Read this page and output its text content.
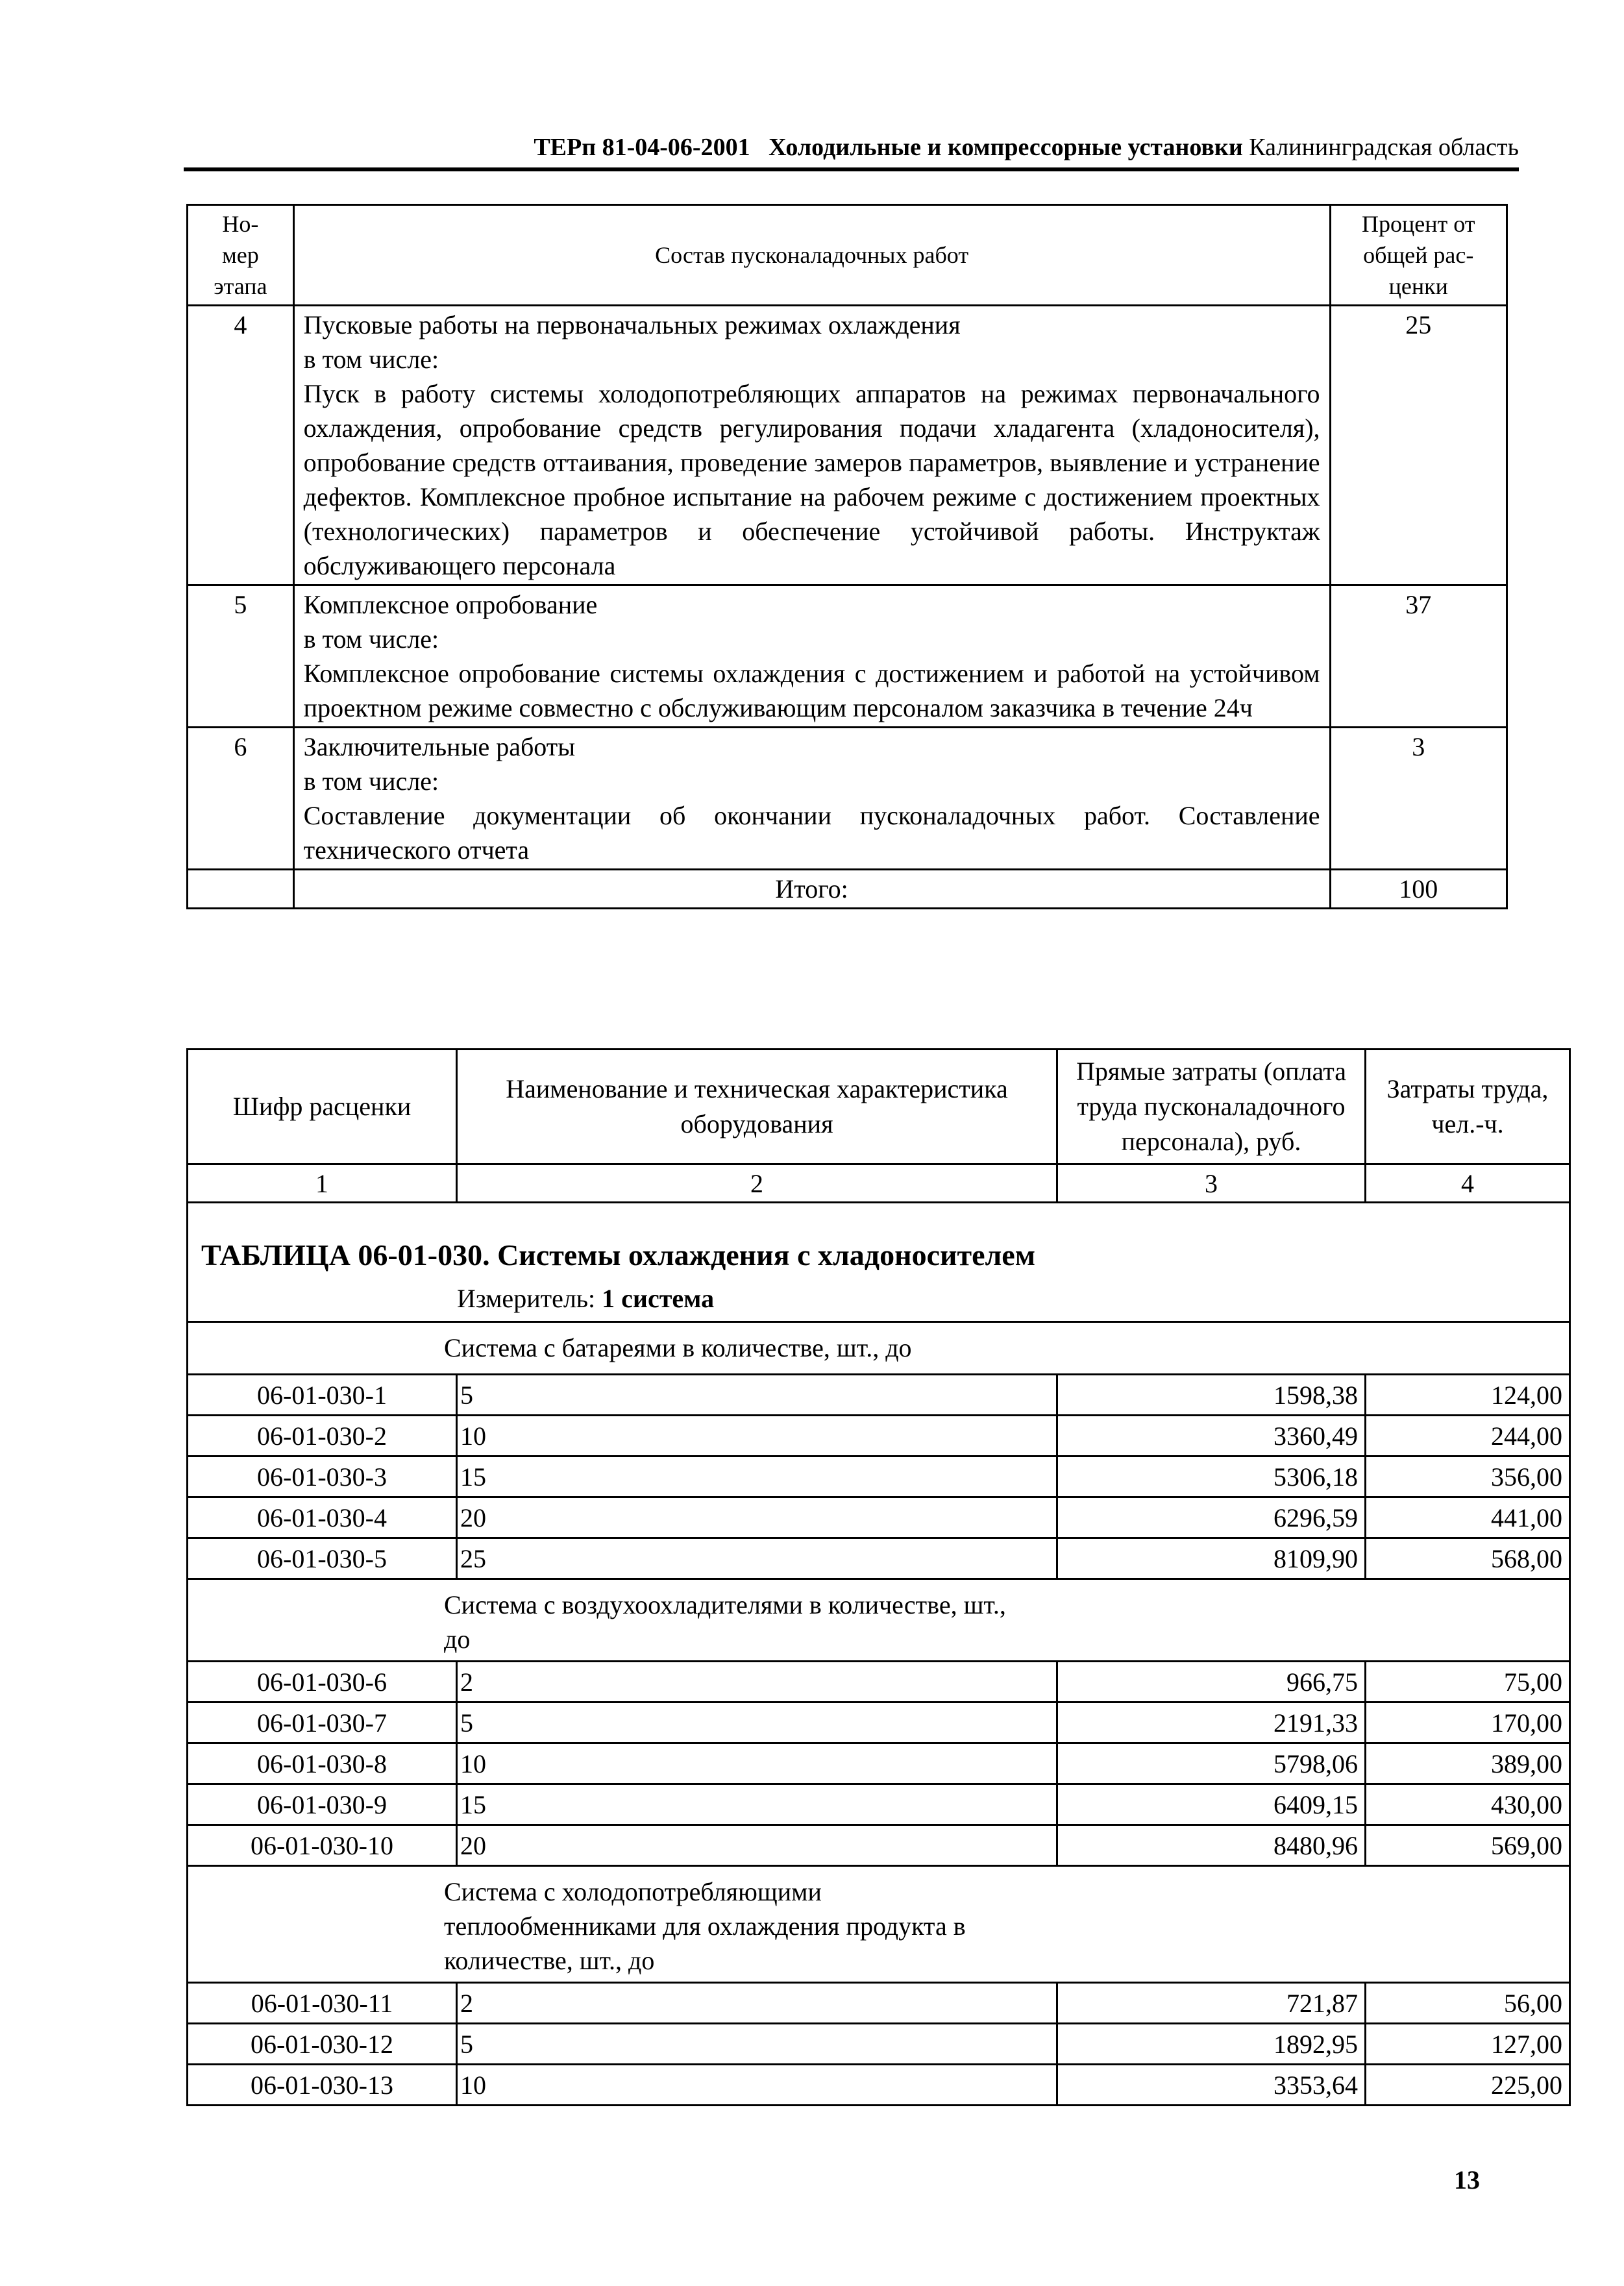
ТЕРп 81-04-06-2001 Холодильные и компрессорные установки Калининградская область
Но-
мер
этапа	Состав пусконаладочных работ	Процент от
общей рас-
ценки

4	Пусковые работы на первоначальных режимах охлаждения
в том числе:
Пуск в работу системы холодопотребляющих аппаратов на режимах первоначального охлаждения, опробование средств регулирования подачи хладагента (хладоносителя), опробование средств оттаивания, проведение замеров параметров, выявление и устранение дефектов. Комплексное пробное испытание на рабочем режиме с достижением проектных (технологических) параметров и обеспечение устойчивой работы. Инструктаж обслуживающего персонала	25
5	Комплексное опробование
в том числе:
Комплексное опробование системы охлаждения с достижением и работой на устойчивом проектном режиме совместно с обслуживающим персоналом заказчика в течение 24ч	37
6	Заключительные работы
в том числе:
Составление документации об окончании пусконаладочных работ. Составление технического отчета	3
	Итого:	100
Шифр расценки	Наименование и техническая характеристика оборудования	Прямые затраты (оплата труда пусконаладочного персонала), руб.	Затраты труда, чел.-ч.
1	2	3	4

ТАБЛИЦА 06-01-030. Системы охлаждения с хладоносителем
Измеритель: 1 система			

Система с батареями в количестве, шт., до			

06-01-030-1	5	1598,38	124,00
06-01-030-2	10	3360,49	244,00
06-01-030-3	15	5306,18	356,00
06-01-030-4	20	6296,59	441,00
06-01-030-5	25	8109,90	568,00

Система с воздухоохладителями в количестве, шт., до			

06-01-030-6	2	966,75	75,00
06-01-030-7	5	2191,33	170,00
06-01-030-8	10	5798,06	389,00
06-01-030-9	15	6409,15	430,00
06-01-030-10	20	8480,96	569,00

Система с холодопотребляющими теплообменниками для охлаждения продукта в количестве, шт., до			

06-01-030-11	2	721,87	56,00
06-01-030-12	5	1892,95	127,00
06-01-030-13	10	3353,64	225,00
13
